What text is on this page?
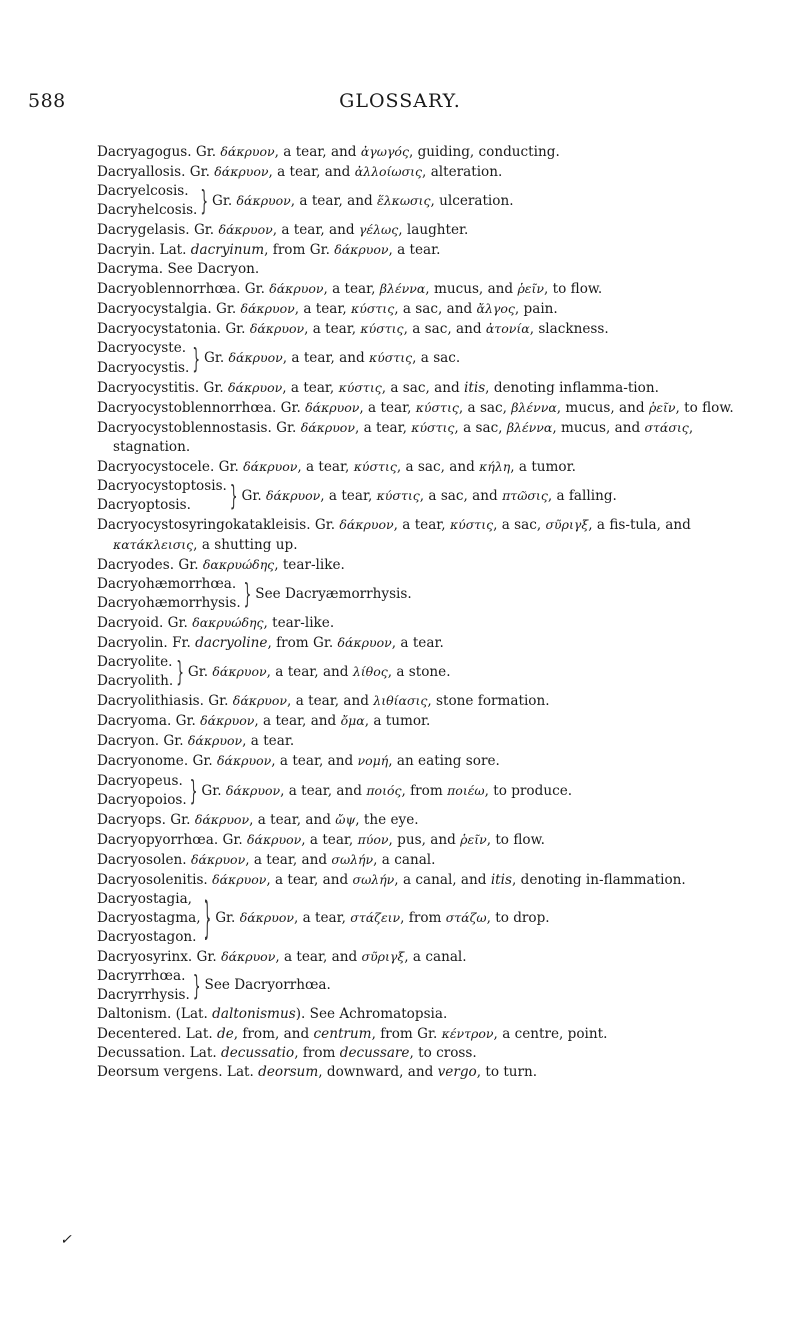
588	GLOSSARY.
✓
Dacryagogus. Gr. δάκρυον, a tear, and ἀγωγός, guiding, conducting.
Dacryallosis. Gr. δάκρυον, a tear, and ἀλλοίωσις, alteration.
Dacryelcosis.
Dacryhelcosis. } Gr. δάκρυον, a tear, and ἕλκωσις, ulceration.
Dacrygelasis. Gr. δάκρυον, a tear, and γέλως, laughter.
Dacryin. Lat. dacryinum, from Gr. δάκρυον, a tear.
Dacryma. See Dacryon.
Dacryoblennorrhœa. Gr. δάκρυον, a tear, βλέννα, mucus, and ῥεῖν, to flow.
Dacryocystalgia. Gr. δάκρυον, a tear, κύστις, a sac, and ἄλγος, pain.
Dacryocystatonia. Gr. δάκρυον, a tear, κύστις, a sac, and ἀτονία, slackness.
Dacryocyste.
Dacryocystis. } Gr. δάκρυον, a tear, and κύστις, a sac.
Dacryocystitis. Gr. δάκρυον, a tear, κύστις, a sac, and itis, denoting inflamma-tion.
Dacryocystoblennorrhœa. Gr. δάκρυον, a tear, κύστις, a sac, βλέννα, mucus, and ῥεῖν, to flow.
Dacryocystoblennostasis. Gr. δάκρυον, a tear, κύστις, a sac, βλέννα, mucus, and στάσις, stagnation.
Dacryocystocele. Gr. δάκρυον, a tear, κύστις, a sac, and κήλη, a tumor.
Dacryocystoptosis.
Dacryoptosis.	} Gr. δάκρυον, a tear, κύστις, a sac, and πτῶσις, a falling.
Dacryocystosyringokatakleisis. Gr. δάκρυον, a tear, κύστις, a sac, σῦριγξ, a fis-tula, and κατάκλεισις, a shutting up.
Dacryodes. Gr. δακρυώδης, tear-like.
Dacryohæmorrhœa.
Dacryohæmorrhysis. } See Dacryæmorrhysis.
Dacryoid. Gr. δακρυώδης, tear-like.
Dacryolin. Fr. dacryoline, from Gr. δάκρυον, a tear.
Dacryolite.
Dacryolith. } Gr. δάκρυον, a tear, and λίθος, a stone.
Dacryolithiasis. Gr. δάκρυον, a tear, and λιθίασις, stone formation.
Dacryoma. Gr. δάκρυον, a tear, and ὄμα, a tumor.
Dacryon. Gr. δάκρυον, a tear.
Dacryonome. Gr. δάκρυον, a tear, and νομή, an eating sore.
Dacryopeus.
Dacryopoios. } Gr. δάκρυον, a tear, and ποιός, from ποιέω, to produce.
Dacryops. Gr. δάκρυον, a tear, and ὤψ, the eye.
Dacryopyorrhœa. Gr. δάκρυον, a tear, πύον, pus, and ῥεῖν, to flow.
Dacryosolen. δάκρυον, a tear, and σωλήν, a canal.
Dacryosolenitis. δάκρυον, a tear, and σωλήν, a canal, and itis, denoting in-flammation.
Dacryostagia,
Dacryostagma,
Dacryostagon. } Gr. δάκρυον, a tear, στάζειν, from στάζω, to drop.
Dacryosyrinx. Gr. δάκρυον, a tear, and σῦριγξ, a canal.
Dacryrrhœa.
Dacryrrhysis. } See Dacryorrhœa.
Daltonism. (Lat. daltonismus). See Achromatopsia.
Decentered. Lat. de, from, and centrum, from Gr. κέντρον, a centre, point.
Decussation. Lat. decussatio, from decussare, to cross.
Deorsum vergens. Lat. deorsum, downward, and vergo, to turn.
